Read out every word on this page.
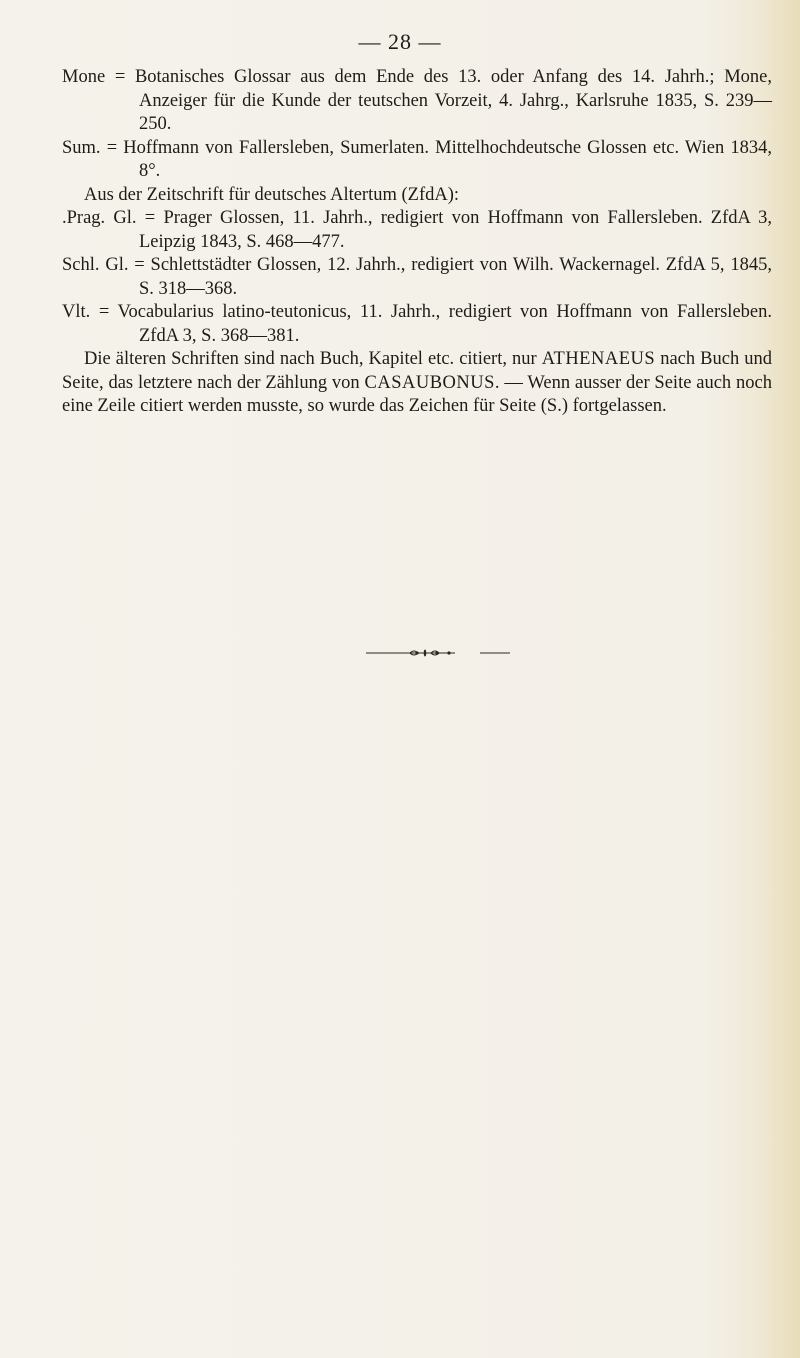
— 28 —

Mone = Botanisches Glossar aus dem Ende des 13. oder Anfang des 14. Jahrh.; Mone, Anzeiger für die Kunde der teutschen Vorzeit, 4. Jahrg., Karlsruhe 1835, S. 239—250.

Sum. = Hoffmann von Fallersleben, Sumerlaten. Mittelhochdeutsche Glossen etc. Wien 1834, 8°.

Aus der Zeitschrift für deutsches Altertum (ZfdA):

.Prag. Gl. = Prager Glossen, 11. Jahrh., redigiert von Hoffmann von Fallersleben. ZfdA 3, Leipzig 1843, S. 468—477.

Schl. Gl. = Schlettstädter Glossen, 12. Jahrh., redigiert von Wilh. Wackernagel. ZfdA 5, 1845, S. 318—368.

Vlt. = Vocabularius latino-teutonicus, 11. Jahrh., redigiert von Hoffmann von Fallersleben. ZfdA 3, S. 368—381.

Die älteren Schriften sind nach Buch, Kapitel etc. citiert, nur ATHENAEUS nach Buch und Seite, das letztere nach der Zählung von CASAUBONUS. — Wenn ausser der Seite auch noch eine Zeile citiert werden musste, so wurde das Zeichen für Seite (S.) fortgelassen.
